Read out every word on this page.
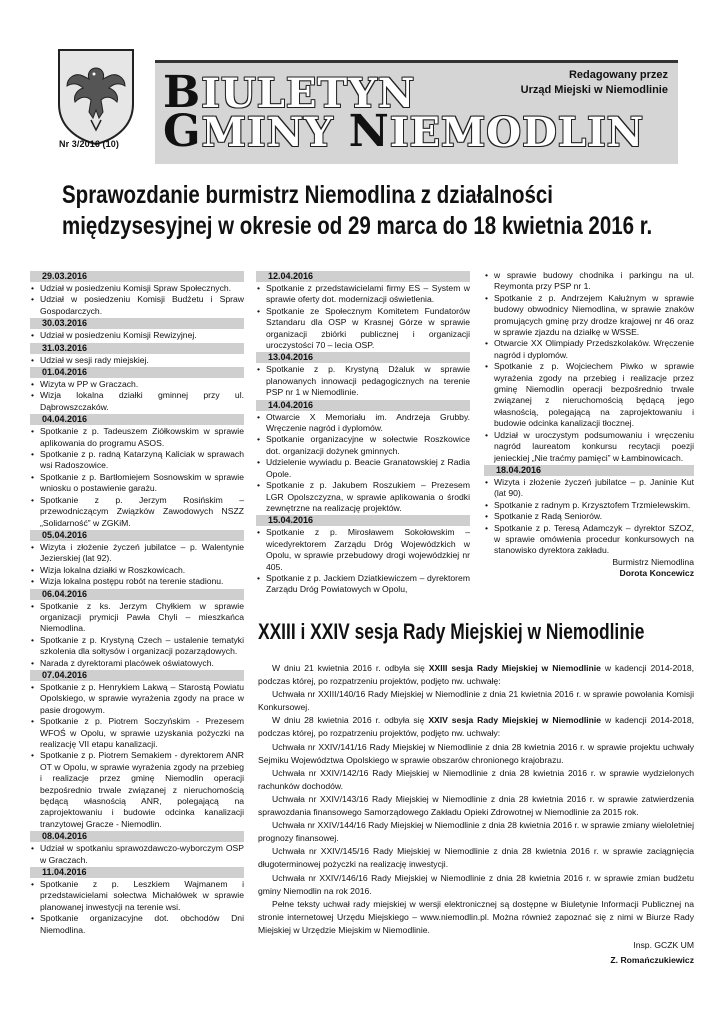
Nr 3/2016 (10)
BIULETYN
GMINY NIEMODLIN
Redagowany przez
Urząd Miejski w Niemodlinie
Sprawozdanie burmistrz Niemodlina z działalności
międzysesyjnej w okresie od 29 marca do 18 kwietnia 2016 r.
29.03.2016
• Udział w posiedzeniu Komisji Spraw Społecznych.
• Udział w posiedzeniu Komisji Budżetu i Spraw Gospodarczych.
30.03.2016
• Udział w posiedzeniu Komisji Rewizyjnej.
31.03.2016
• Udział w sesji rady miejskiej.
01.04.2016
• Wizyta w PP w Graczach.
• Wizja lokalna działki gminnej przy ul. Dąbrowszczaków.
04.04.2016
• Spotkanie z p. Tadeuszem Ziółkowskim w sprawie aplikowania do programu ASOS.
• Spotkanie z p. radną Katarzyną Kaliciak w sprawach wsi Radoszowice.
• Spotkanie z p. Bartłomiejem Sosnowskim w sprawie wniosku o postawienie garażu.
• Spotkanie z p. Jerzym Rosińskim – przewodniczącym Związków Zawodowych NSZZ „Solidarność” w ZGKiM.
05.04.2016
• Wizyta i złożenie życzeń jubilatce – p. Walentynie Jezierskiej (lat 92).
• Wizja lokalna działki w Roszkowicach.
• Wizja lokalna postępu robót na terenie stadionu.
06.04.2016
• Spotkanie z ks. Jerzym Chyłkiem w sprawie organizacji prymicji Pawła Chyli – mieszkańca Niemodlina.
• Spotkanie z p. Krystyną Czech – ustalenie tematyki szkolenia dla sołtysów i organizacji pozarządowych.
• Narada z dyrektorami placówek oświatowych.
07.04.2016
• Spotkanie z p. Henrykiem Lakwą – Starostą Powiatu Opolskiego, w sprawie wyrażenia zgody na prace w pasie drogowym.
• Spotkanie z p. Piotrem Soczyńskim - Prezesem WFOŚ w Opolu, w sprawie uzyskania pożyczki na realizację VII etapu kanalizacji.
• Spotkanie z p. Piotrem Semakiem - dyrektorem ANR OT w Opolu, w sprawie wyrażenia zgody na przebieg i realizacje przez gminę Niemodlin operacji bezpośrednio trwale związanej z nieruchomością będącą własnością ANR, polegającą na zaprojektowaniu i budowie odcinka kanalizacji tranzytowej Gracze - Niemodlin.
08.04.2016
• Udział w spotkaniu sprawozdawczo-wyborczym OSP w Graczach.
11.04.2016
• Spotkanie z p. Leszkiem Wajmanem i przedstawicielami sołectwa Michałówek w sprawie planowanej inwestycji na terenie wsi.
• Spotkanie organizacyjne dot. obchodów Dni Niemodlina.
12.04.2016
• Spotkanie z przedstawicielami firmy ES – System w sprawie oferty dot. modernizacji oświetlenia.
• Spotkanie ze Społecznym Komitetem Fundatorów Sztandaru dla OSP w Krasnej Górze w sprawie organizacji zbiórki publicznej i organizacji uroczystości 70 – lecia OSP.
13.04.2016
• Spotkanie z p. Krystyną Dżaluk w sprawie planowanych innowacji pedagogicznych na terenie PSP nr 1 w Niemodlinie.
14.04.2016
• Otwarcie X Memoriału im. Andrzeja Grubby. Wręczenie nagród i dyplomów.
• Spotkanie organizacyjne w sołectwie Roszkowice dot. organizacji dożynek gminnych.
• Udzielenie wywiadu p. Beacie Granatowskiej z Radia Opole.
• Spotkanie z p. Jakubem Roszukiem – Prezesem LGR Opolszczyzna, w sprawie aplikowania o środki zewnętrzne na realizację projektów.
15.04.2016
• Spotkanie z p. Mirosławem Sokołowskim – wicedyrektorem Zarządu Dróg Wojewódzkich w Opolu, w sprawie przebudowy drogi wojewódzkiej nr 405.
• Spotkanie z p. Jackiem Dziatkiewiczem – dyrektorem Zarządu Dróg Powiatowych w Opolu,
• w sprawie budowy chodnika i parkingu na ul. Reymonta przy PSP nr 1.
• Spotkanie z p. Andrzejem Kałużnym w sprawie budowy obwodnicy Niemodlina, w sprawie znaków promujących gminę przy drodze krajowej nr 46 oraz w sprawie zjazdu na działkę w WSSE.
• Otwarcie XX Olimpiady Przedszkolaków. Wręczenie nagród i dyplomów.
• Spotkanie z p. Wojciechem Piwko w sprawie wyrażenia zgody na przebieg i realizacje przez gminę Niemodlin operacji bezpośrednio trwale związanej z nieruchomością będącą jego własnością, polegającą na zaprojektowaniu i budowie odcinka kanalizacji tłocznej.
• Udział w uroczystym podsumowaniu i wręczeniu nagród laureatom konkursu recytacji poezji jenieckiej „Nie traćmy pamięci” w Łambinowicach.
18.04.2016
• Wizyta i złożenie życzeń jubilatce – p. Janinie Kut (lat 90).
• Spotkanie z radnym p. Krzysztofem Trzmielewskim.
• Spotkanie z Radą Seniorów.
• Spotkanie z p. Teresą Adamczyk – dyrektor SZOZ, w sprawie omówienia procedur konkursowych na stanowisko dyrektora zakładu.
Burmistrz Niemodlina
Dorota Koncewicz
XXIII i XXIV sesja Rady Miejskiej w Niemodlinie

W dniu 21 kwietnia 2016 r. odbyła się XXIII sesja Rady Miejskiej w Niemodlinie w kadencji 2014-2018, podczas której, po rozpatrzeniu projektów, podjęto nw. uchwałę:

Uchwała nr XXIII/140/16 Rady Miejskiej w Niemodlinie z dnia 21 kwietnia 2016 r. w sprawie powołania Komisji Konkursowej.

W dniu 28 kwietnia 2016 r. odbyła się XXIV sesja Rady Miejskiej w Niemodlinie w kadencji 2014-2018, podczas której, po rozpatrzeniu projektów, podjęto nw. uchwały:

Uchwała nr XXIV/141/16 Rady Miejskiej w Niemodlinie z dnia 28 kwietnia 2016 r. w sprawie projektu uchwały Sejmiku Województwa Opolskiego w sprawie obszarów chronionego krajobrazu.

Uchwała nr XXIV/142/16 Rady Miejskiej w Niemodlinie z dnia 28 kwietnia 2016 r. w sprawie wydzielonych rachunków dochodów.

Uchwała nr XXIV/143/16 Rady Miejskiej w Niemodlinie z dnia 28 kwietnia 2016 r. w sprawie zatwierdzenia sprawozdania finansowego Samorządowego Zakładu Opieki Zdrowotnej w Niemodlinie za 2015 rok.

Uchwała nr XXIV/144/16 Rady Miejskiej w Niemodlinie z dnia 28 kwietnia 2016 r. w sprawie zmiany wieloletniej prognozy finansowej.

Uchwała nr XXIV/145/16 Rady Miejskiej w Niemodlinie z dnia 28 kwietnia 2016 r. w sprawie zaciągnięcia długoterminowej pożyczki na realizację inwestycji.

Uchwała nr XXIV/146/16 Rady Miejskiej w Niemodlinie z dnia 28 kwietnia 2016 r. w sprawie zmian budżetu gminy Niemodlin na rok 2016.

Pełne teksty uchwał rady miejskiej w wersji elektronicznej są dostępne w Biuletynie Informacji Publicznej na stronie internetowej Urzędu Miejskiego – www.niemodlin.pl. Można również zapoznać się z nimi w Biurze Rady Miejskiej w Urzędzie Miejskim w Niemodlinie.

Insp. GCZK UM
Z. Romańczukiewicz
